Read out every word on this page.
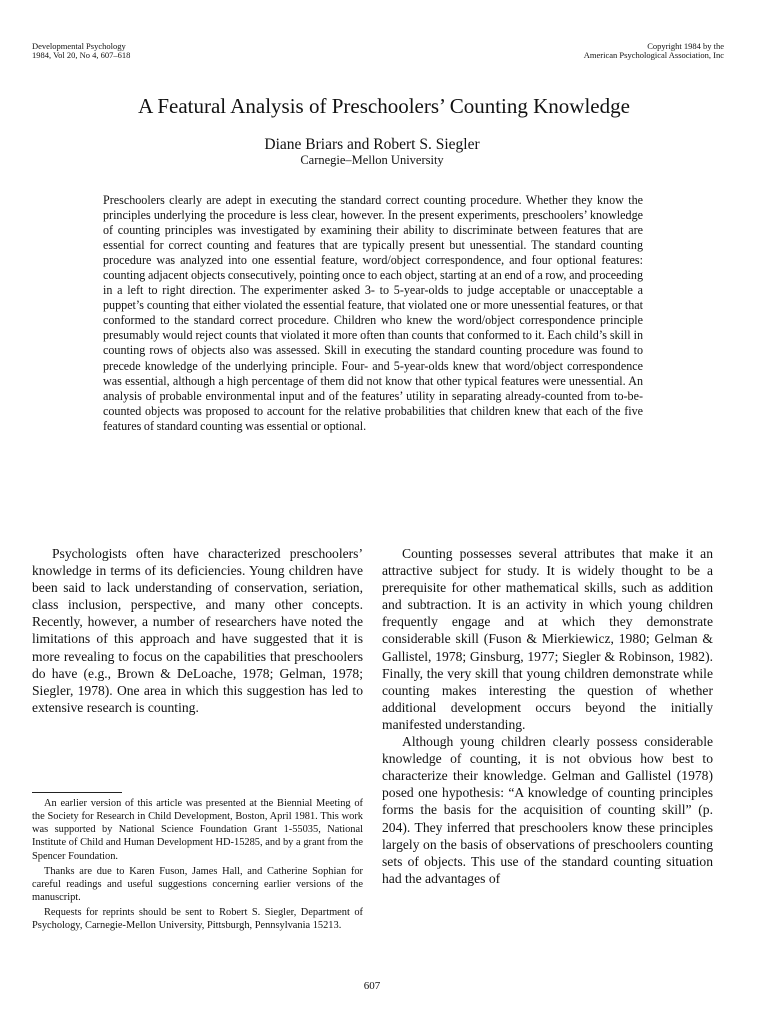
Developmental Psychology
1984, Vol 20, No 4, 607–618
Copyright 1984 by the
American Psychological Association, Inc
A Featural Analysis of Preschoolers’ Counting Knowledge
Diane Briars and Robert S. Siegler
Carnegie–Mellon University

Preschoolers clearly are adept in executing the standard correct counting procedure. Whether they know the principles underlying the procedure is less clear, however. In the present experiments, preschoolers’ knowledge of counting principles was investigated by examining their ability to discriminate between features that are essential for correct counting and features that are typically present but unessential. The standard counting procedure was analyzed into one essential feature, word/object correspondence, and four optional features: counting adjacent objects consecutively, pointing once to each object, starting at an end of a row, and proceeding in a left to right direction. The experimenter asked 3- to 5-year-olds to judge acceptable or unacceptable a puppet’s counting that either violated the essential feature, that violated one or more unessential features, or that conformed to the standard correct procedure. Children who knew the word/object correspondence principle presumably would reject counts that violated it more often than counts that conformed to it. Each child’s skill in counting rows of objects also was assessed. Skill in executing the standard counting procedure was found to precede knowledge of the underlying principle. Four- and 5-year-olds knew that word/object correspondence was essential, although a high percentage of them did not know that other typical features were unessential. An analysis of probable environmental input and of the features’ utility in separating already-counted from to-be-counted objects was proposed to account for the relative probabilities that children knew that each of the five features of standard counting was essential or optional.

Psychologists often have characterized preschoolers’ knowledge in terms of its deficiencies. Young children have been said to lack understanding of conservation, seriation, class inclusion, perspective, and many other concepts. Recently, however, a number of researchers have noted the limitations of this approach and have suggested that it is more revealing to focus on the capabilities that preschoolers do have (e.g., Brown & DeLoache, 1978; Gelman, 1978; Siegler, 1978). One area in which this suggestion has led to extensive research is counting.

Counting possesses several attributes that make it an attractive subject for study. It is widely thought to be a prerequisite for other mathematical skills, such as addition and subtraction. It is an activity in which young children frequently engage and at which they demonstrate considerable skill (Fuson & Mierkiewicz, 1980; Gelman & Gallistel, 1978; Ginsburg, 1977; Siegler & Robinson, 1982). Finally, the very skill that young children demonstrate while counting makes interesting the question of whether additional development occurs beyond the initially manifested understanding.

Although young children clearly possess considerable knowledge of counting, it is not obvious how best to characterize their knowledge. Gelman and Gallistel (1978) posed one hypothesis: “A knowledge of counting principles forms the basis for the acquisition of counting skill” (p. 204). They inferred that preschoolers know these principles largely on the basis of observations of preschoolers counting sets of objects. This use of the standard counting situation had the advantages of

An earlier version of this article was presented at the Biennial Meeting of the Society for Research in Child Development, Boston, April 1981. This work was supported by National Science Foundation Grant 1-55035, National Institute of Child and Human Development HD-15285, and by a grant from the Spencer Foundation.

Thanks are due to Karen Fuson, James Hall, and Catherine Sophian for careful readings and useful suggestions concerning earlier versions of the manuscript.

Requests for reprints should be sent to Robert S. Siegler, Department of Psychology, Carnegie-Mellon University, Pittsburgh, Pennsylvania 15213.

607
